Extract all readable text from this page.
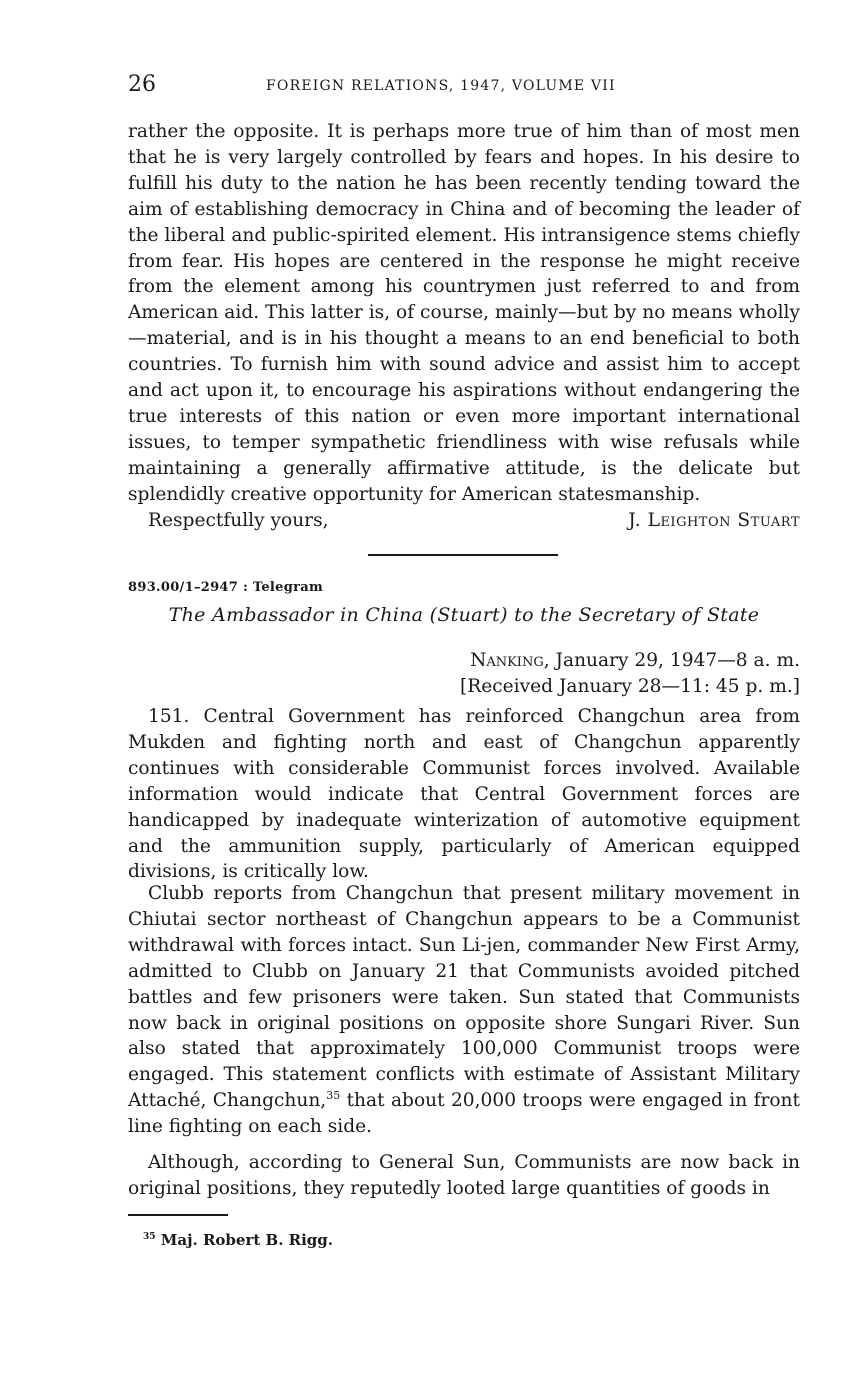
26	FOREIGN RELATIONS, 1947, VOLUME VII

rather the opposite. It is perhaps more true of him than of most men that he is very largely controlled by fears and hopes. In his desire to fulfill his duty to the nation he has been recently tending toward the aim of establishing democracy in China and of becoming the leader of the liberal and public-spirited element. His intransigence stems chiefly from fear. His hopes are centered in the response he might receive from the element among his countrymen just referred to and from American aid. This latter is, of course, mainly—but by no means wholly—material, and is in his thought a means to an end beneficial to both countries. To furnish him with sound advice and assist him to accept and act upon it, to encourage his aspirations without endangering the true interests of this nation or even more important international issues, to temper sympathetic friendliness with wise refusals while maintaining a generally affirmative attitude, is the delicate but splendidly creative opportunity for American statesmanship.

Respectfully yours,	J. Leighton Stuart
893.00/1–2947 : Telegram
The Ambassador in China (Stuart) to the Secretary of State
Nanking, January 29, 1947—8 a. m.
[Received January 28—11: 45 p. m.]

151. Central Government has reinforced Changchun area from Mukden and fighting north and east of Changchun apparently continues with considerable Communist forces involved. Available information would indicate that Central Government forces are handicapped by inadequate winterization of automotive equipment and the ammunition supply, particularly of American equipped divisions, is critically low.

Clubb reports from Changchun that present military movement in Chiutai sector northeast of Changchun appears to be a Communist withdrawal with forces intact. Sun Li-jen, commander New First Army, admitted to Clubb on January 21 that Communists avoided pitched battles and few prisoners were taken. Sun stated that Communists now back in original positions on opposite shore Sungari River. Sun also stated that approximately 100,000 Communist troops were engaged. This statement conflicts with estimate of Assistant Military Attaché, Changchun,$^{35}$ that about 20,000 troops were engaged in front line fighting on each side.

Although, according to General Sun, Communists are now back in original positions, they reputedly looted large quantities of goods in

$^{35}$ Maj. Robert B. Rigg.
